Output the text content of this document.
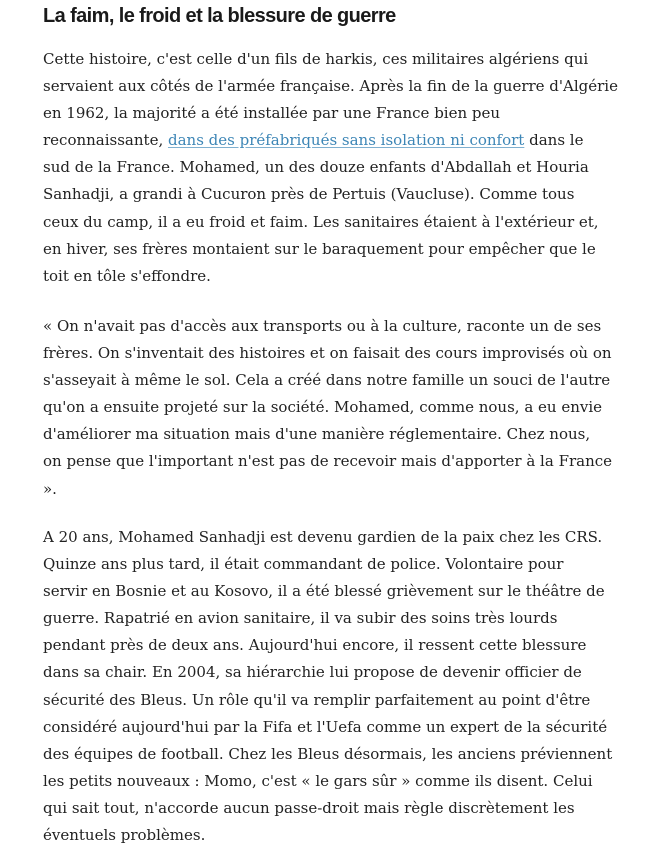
La faim, le froid et la blessure de guerre

Cette histoire, c'est celle d'un fils de harkis, ces militaires algériens qui
servaient aux côtés de l'armée française. Après la fin de la guerre d'Algérie
en 1962, la majorité a été installée par une France bien peu
reconnaissante, dans des préfabriqués sans isolation ni confort dans le
sud de la France. Mohamed, un des douze enfants d'Abdallah et Houria
Sanhadji, a grandi à Cucuron près de Pertuis (Vaucluse). Comme tous
ceux du camp, il a eu froid et faim. Les sanitaires étaient à l'extérieur et,
en hiver, ses frères montaient sur le baraquement pour empêcher que le
toit en tôle s'effondre.

« On n'avait pas d'accès aux transports ou à la culture, raconte un de ses
frères. On s'inventait des histoires et on faisait des cours improvisés où on
s'asseyait à même le sol. Cela a créé dans notre famille un souci de l'autre
qu'on a ensuite projeté sur la société. Mohamed, comme nous, a eu envie
d'améliorer ma situation mais d'une manière réglementaire. Chez nous,
on pense que l'important n'est pas de recevoir mais d'apporter à la France
».

A 20 ans, Mohamed Sanhadji est devenu gardien de la paix chez les CRS.
Quinze ans plus tard, il était commandant de police. Volontaire pour
servir en Bosnie et au Kosovo, il a été blessé grièvement sur le théâtre de
guerre. Rapatrié en avion sanitaire, il va subir des soins très lourds
pendant près de deux ans. Aujourd'hui encore, il ressent cette blessure
dans sa chair. En 2004, sa hiérarchie lui propose de devenir officier de
sécurité des Bleus. Un rôle qu'il va remplir parfaitement au point d'être
considéré aujourd'hui par la Fifa et l'Uefa comme un expert de la sécurité
des équipes de football. Chez les Bleus désormais, les anciens préviennent
les petits nouveaux : Momo, c'est « le gars sûr » comme ils disent. Celui
qui sait tout, n'accorde aucun passe-droit mais règle discrètement les
éventuels problèmes.
